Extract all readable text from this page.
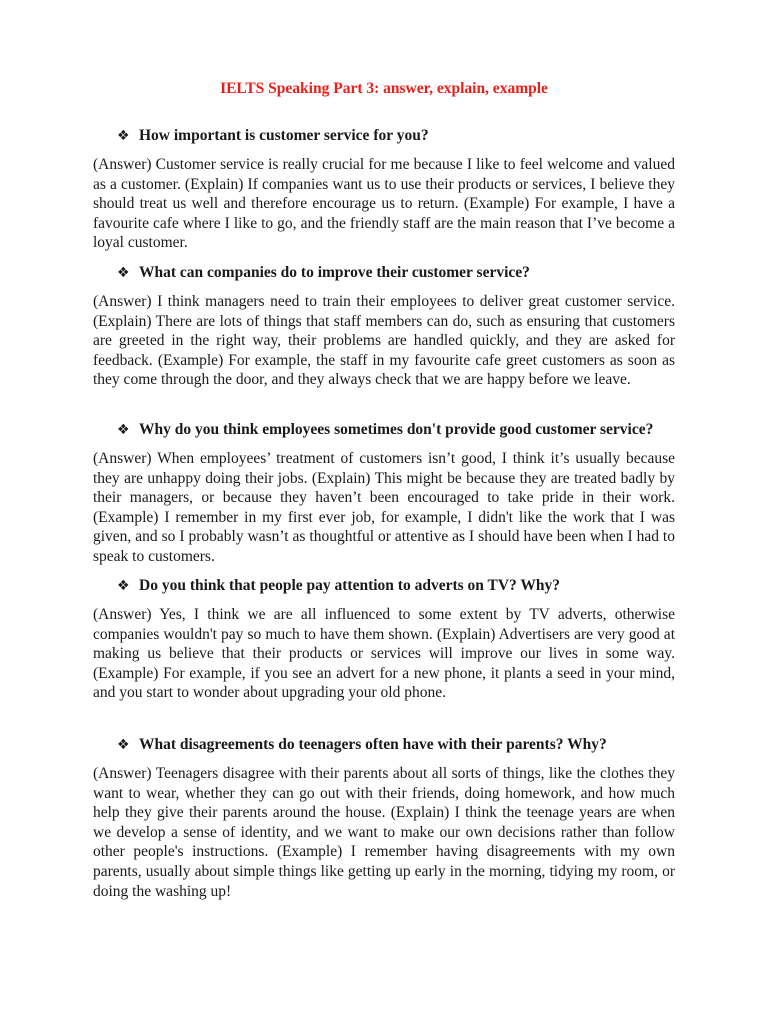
IELTS Speaking Part 3: answer, explain, example

❖ How important is customer service for you?

(Answer) Customer service is really crucial for me because I like to feel welcome and valued as a customer. (Explain) If companies want us to use their products or services, I believe they should treat us well and therefore encourage us to return. (Example) For example, I have a favourite cafe where I like to go, and the friendly staff are the main reason that I’ve become a loyal customer.

❖ What can companies do to improve their customer service?

(Answer) I think managers need to train their employees to deliver great customer service. (Explain) There are lots of things that staff members can do, such as ensuring that customers are greeted in the right way, their problems are handled quickly, and they are asked for feedback. (Example) For example, the staff in my favourite cafe greet customers as soon as they come through the door, and they always check that we are happy before we leave.

❖ Why do you think employees sometimes don't provide good customer service?

(Answer) When employees’ treatment of customers isn’t good, I think it’s usually because they are unhappy doing their jobs. (Explain) This might be because they are treated badly by their managers, or because they haven’t been encouraged to take pride in their work. (Example) I remember in my first ever job, for example, I didn't like the work that I was given, and so I probably wasn’t as thoughtful or attentive as I should have been when I had to speak to customers.

❖ Do you think that people pay attention to adverts on TV? Why?

(Answer) Yes, I think we are all influenced to some extent by TV adverts, otherwise companies wouldn't pay so much to have them shown. (Explain) Advertisers are very good at making us believe that their products or services will improve our lives in some way. (Example) For example, if you see an advert for a new phone, it plants a seed in your mind, and you start to wonder about upgrading your old phone.

❖ What disagreements do teenagers often have with their parents? Why?

(Answer) Teenagers disagree with their parents about all sorts of things, like the clothes they want to wear, whether they can go out with their friends, doing homework, and how much help they give their parents around the house. (Explain) I think the teenage years are when we develop a sense of identity, and we want to make our own decisions rather than follow other people's instructions. (Example) I remember having disagreements with my own parents, usually about simple things like getting up early in the morning, tidying my room, or doing the washing up!
